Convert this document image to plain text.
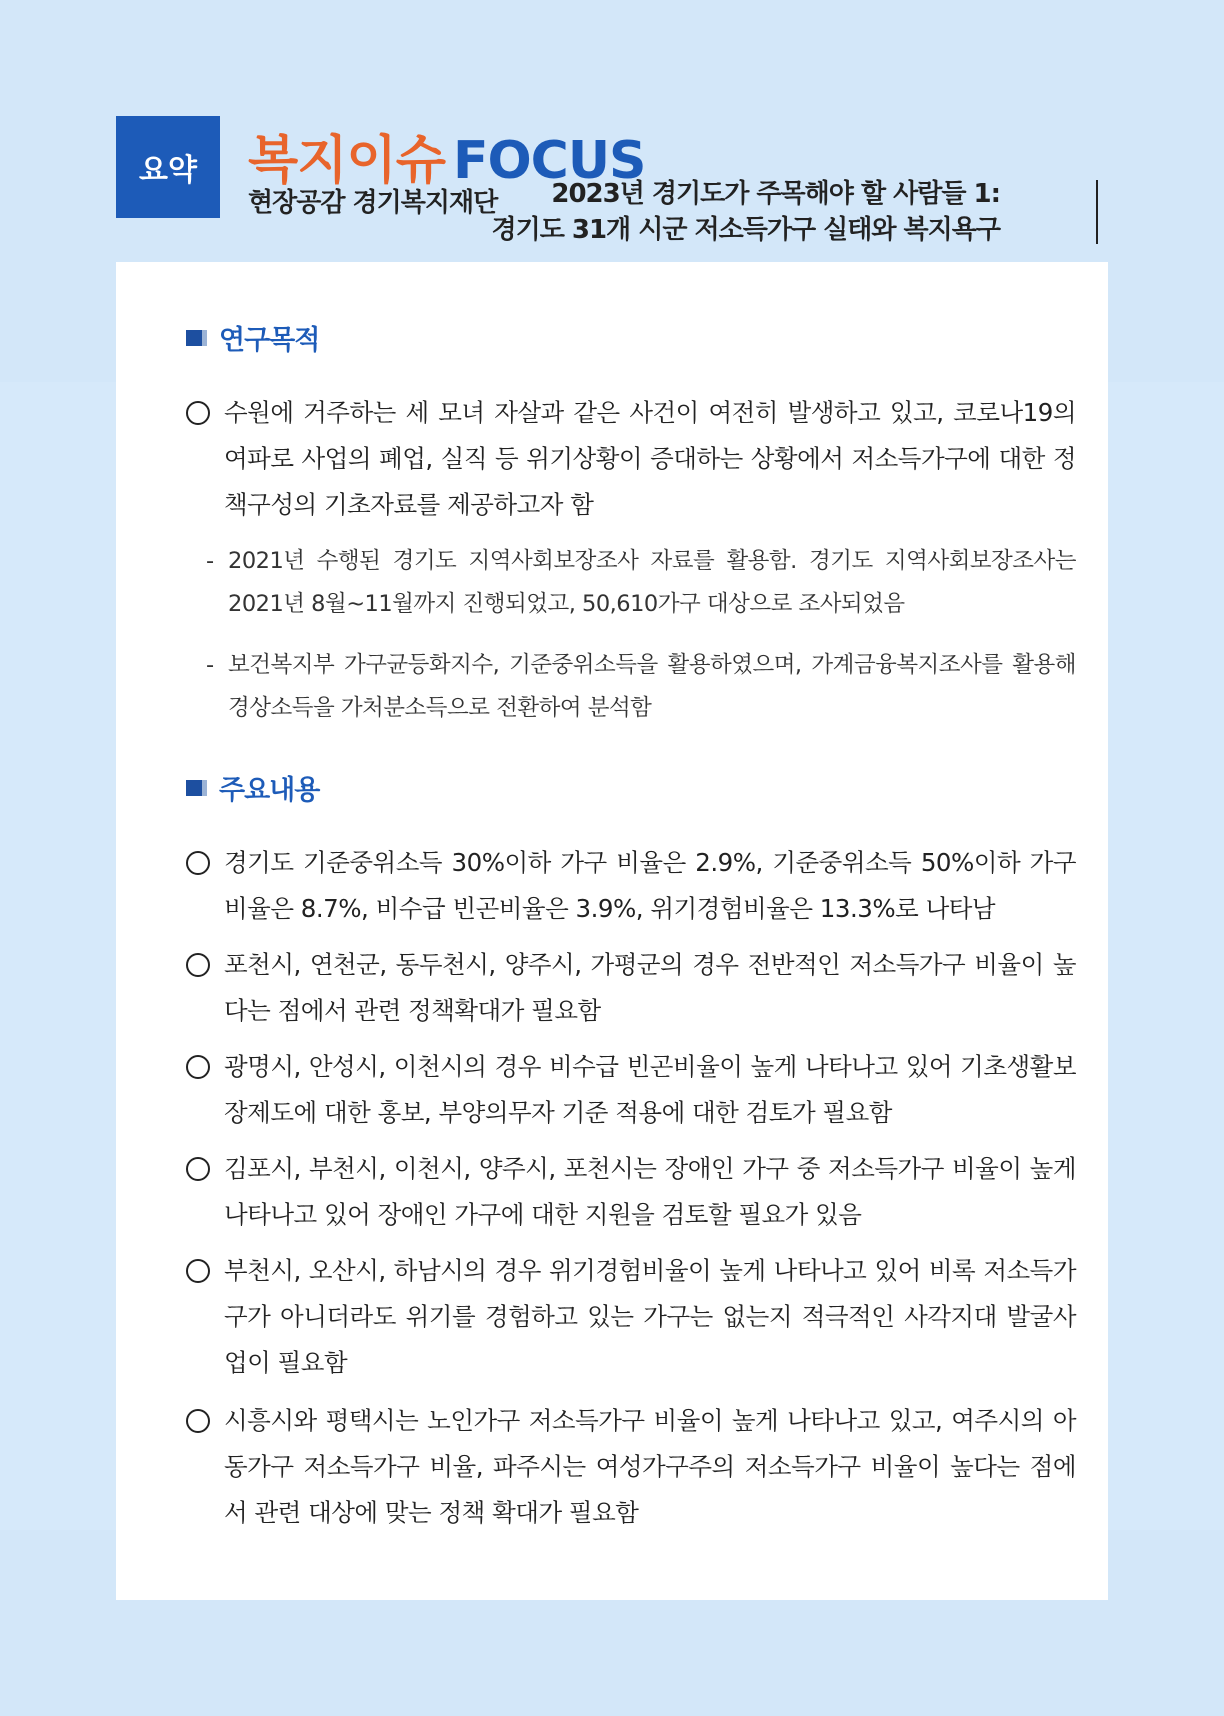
요약 복지이슈 FOCUS
현장공감 경기복지재단	2023년 경기도가 주목해야 할 사람들 1:
경기도 31개 시군 저소득가구 실태와 복지욕구
연구목적
수원에 거주하는 세 모녀 자살과 같은 사건이 여전히 발생하고 있고, 코로나19의 여파로 사업의 폐업, 실직 등 위기상황이 증대하는 상황에서 저소득가구에 대한 정책구성의 기초자료를 제공하고자 함
- 2021년 수행된 경기도 지역사회보장조사 자료를 활용함. 경기도 지역사회보장조사는 2021년 8월~11월까지 진행되었고, 50,610가구 대상으로 조사되었음
- 보건복지부 가구균등화지수, 기준중위소득을 활용하였으며, 가계금융복지조사를 활용해 경상소득을 가처분소득으로 전환하여 분석함
주요내용
경기도 기준중위소득 30%이하 가구 비율은 2.9%, 기준중위소득 50%이하 가구 비율은 8.7%, 비수급 빈곤비율은 3.9%, 위기경험비율은 13.3%로 나타남
포천시, 연천군, 동두천시, 양주시, 가평군의 경우 전반적인 저소득가구 비율이 높다는 점에서 관련 정책확대가 필요함
광명시, 안성시, 이천시의 경우 비수급 빈곤비율이 높게 나타나고 있어 기초생활보장제도에 대한 홍보, 부양의무자 기준 적용에 대한 검토가 필요함
김포시, 부천시, 이천시, 양주시, 포천시는 장애인 가구 중 저소득가구 비율이 높게 나타나고 있어 장애인 가구에 대한 지원을 검토할 필요가 있음
부천시, 오산시, 하남시의 경우 위기경험비율이 높게 나타나고 있어 비록 저소득가구가 아니더라도 위기를 경험하고 있는 가구는 없는지 적극적인 사각지대 발굴사업이 필요함
시흥시와 평택시는 노인가구 저소득가구 비율이 높게 나타나고 있고, 여주시의 아동가구 저소득가구 비율, 파주시는 여성가구주의 저소득가구 비율이 높다는 점에서 관련 대상에 맞는 정책 확대가 필요함
